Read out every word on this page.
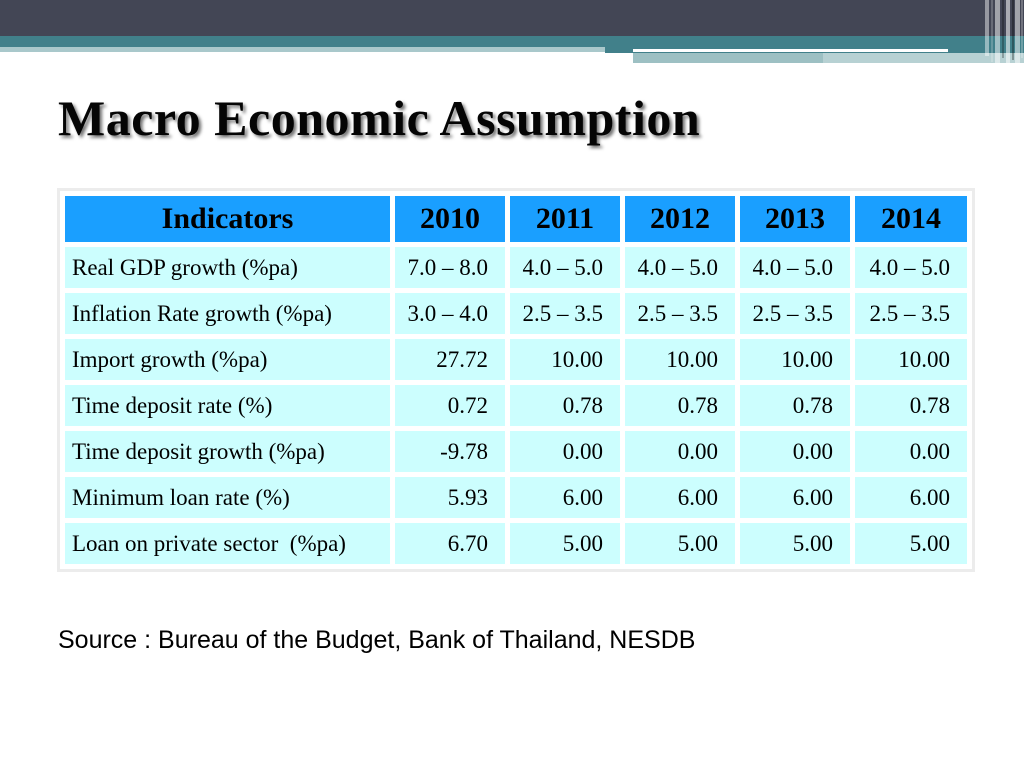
Macro Economic Assumption
Indicators	2010	2011	2012	2013	2014
Real GDP growth (%pa)	7.0 – 8.0	4.0 – 5.0	4.0 – 5.0	4.0 – 5.0	4.0 – 5.0
Inflation Rate growth (%pa)	3.0 – 4.0	2.5 – 3.5	2.5 – 3.5	2.5 – 3.5	2.5 – 3.5
Import growth (%pa)	27.72	10.00	10.00	10.00	10.00
Time deposit rate (%)	0.72	0.78	0.78	0.78	0.78
Time deposit growth (%pa)	-9.78	0.00	0.00	0.00	0.00
Minimum loan rate (%)	5.93	6.00	6.00	6.00	6.00
Loan on private sector  (%pa)	6.70	5.00	5.00	5.00	5.00
Source : Bureau of the Budget, Bank of Thailand, NESDB
